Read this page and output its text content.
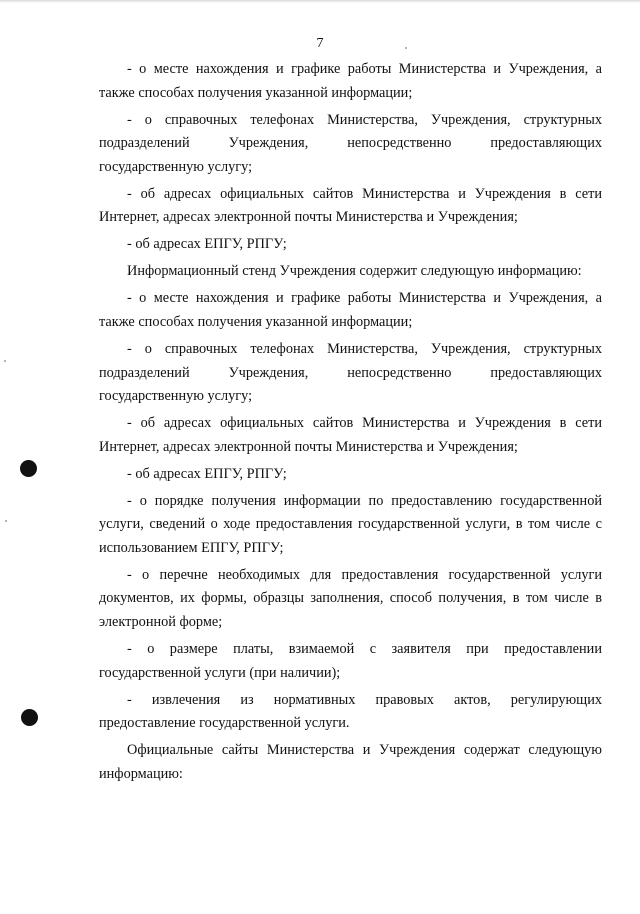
7

- о месте нахождения и графике работы Министерства и Учреждения, а также способах получения указанной информации;

- о справочных телефонах Министерства, Учреждения, структурных подразделений Учреждения, непосредственно предоставляющих государственную услугу;

- об адресах официальных сайтов Министерства и Учреждения в сети Интернет, адресах электронной почты Министерства и Учреждения;

- об адресах ЕПГУ, РПГУ;

Информационный стенд Учреждения содержит следующую информацию:

- о месте нахождения и графике работы Министерства и Учреждения, а также способах получения указанной информации;

- о справочных телефонах Министерства, Учреждения, структурных подразделений Учреждения, непосредственно предоставляющих государственную услугу;

- об адресах официальных сайтов Министерства и Учреждения в сети Интернет, адресах электронной почты Министерства и Учреждения;

- об адресах ЕПГУ, РПГУ;

- о порядке получения информации по предоставлению государственной услуги, сведений о ходе предоставления государственной услуги, в том числе с использованием ЕПГУ, РПГУ;

- о перечне необходимых для предоставления государственной услуги документов, их формы, образцы заполнения, способ получения, в том числе в электронной форме;

- о размере платы, взимаемой с заявителя при предоставлении государственной услуги (при наличии);

- извлечения из нормативных правовых актов, регулирующих предоставление государственной услуги.

Официальные сайты Министерства и Учреждения содержат следующую информацию:
